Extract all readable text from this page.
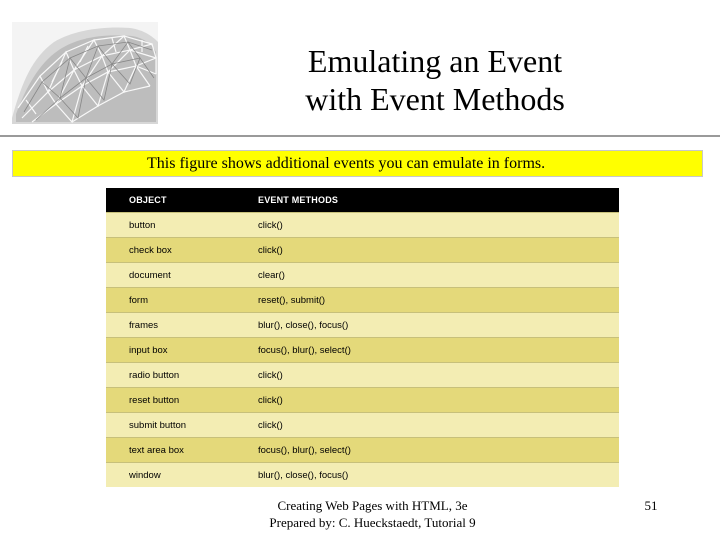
Emulating an Event
with Event Methods
This figure shows additional events you can emulate in forms.
OBJECT	EVENT METHODS
button	click()
check box	click()
document	clear()
form	reset(), submit()
frames	blur(), close(), focus()
input box	focus(), blur(), select()
radio button	click()
reset button	click()
submit button	click()
text area box	focus(), blur(), select()
window	blur(), close(), focus()
Creating Web Pages with HTML, 3e
Prepared by: C. Hueckstaedt, Tutorial 9
51
